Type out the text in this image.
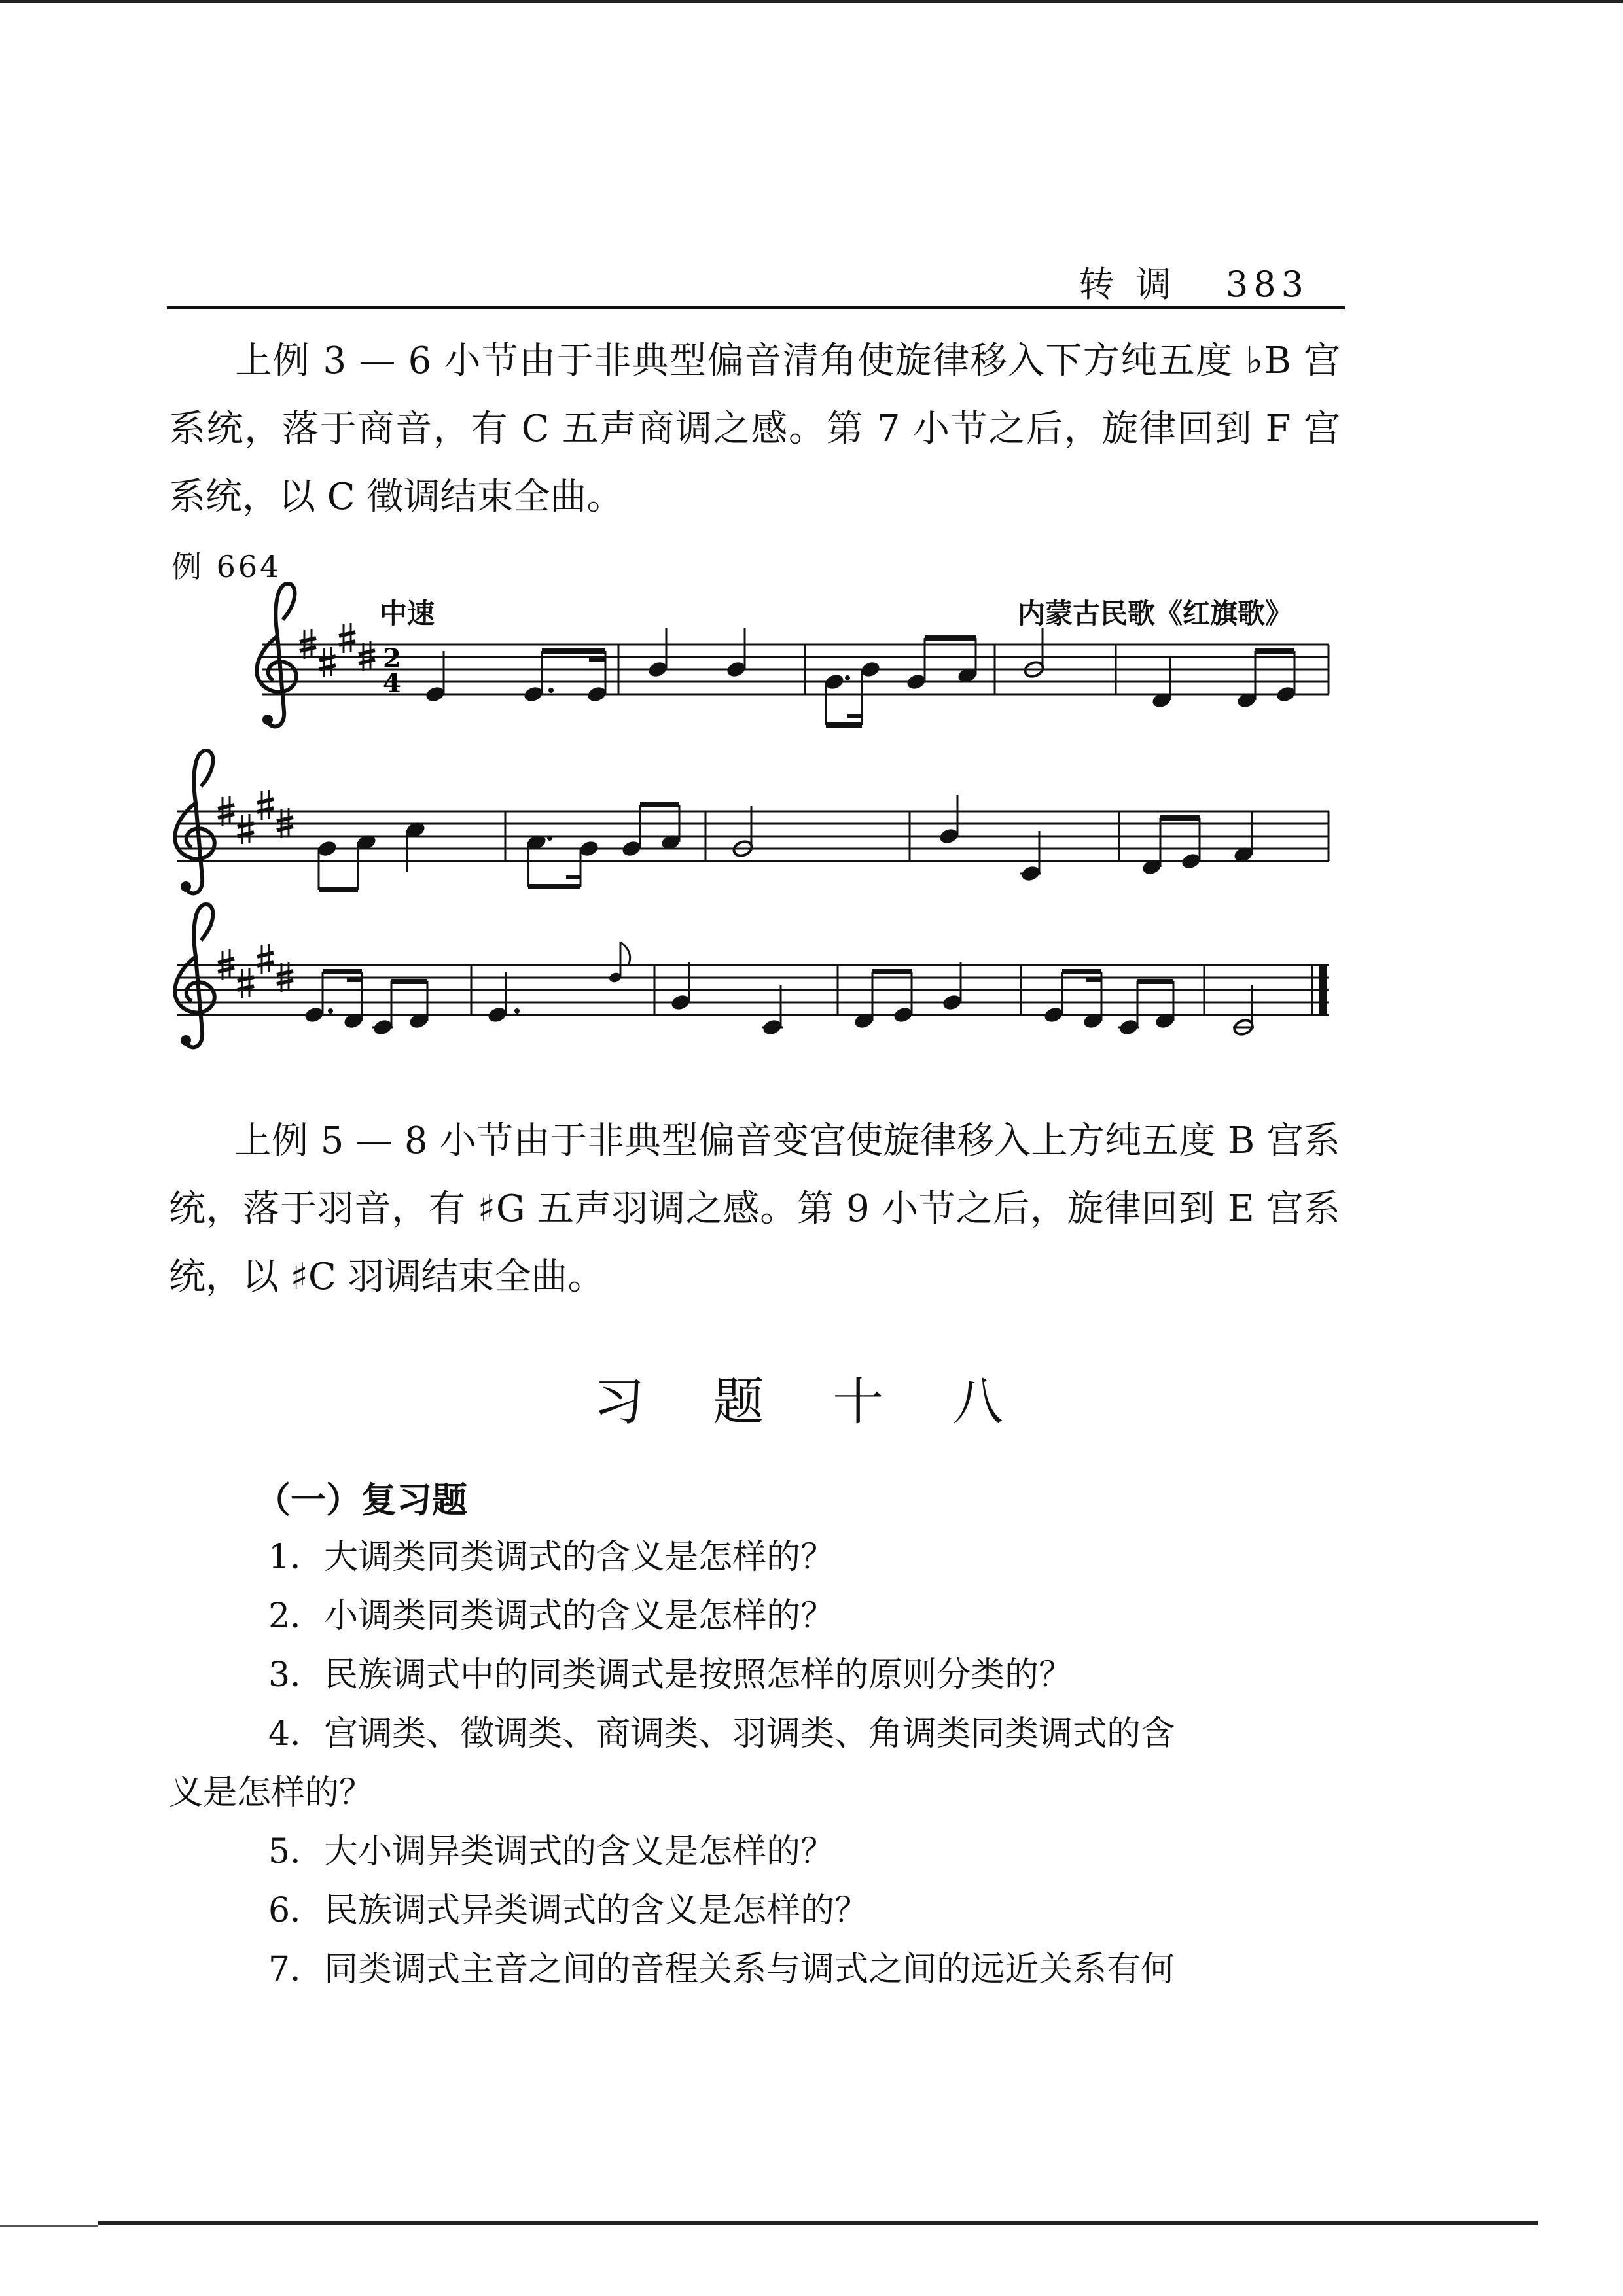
转 调 383

上例 3 — 6 小节由于非典型偏音清角使旋律移入下方纯五度 ♭B 宫系统，落于商音，有 C 五声商调之感。第 7 小节之后，旋律回到 F 宫系统，以 C 徵调结束全曲。

例 664
中速	内蒙古民歌《红旗歌》
2
4

上例 5 — 8 小节由于非典型偏音变宫使旋律移入上方纯五度 B 宫系统，落于羽音，有 ♯G 五声羽调之感。第 9 小节之后，旋律回到 E 宫系统，以 ♯C 羽调结束全曲。

习 题 十 八
（一）复习题
1．大调类同类调式的含义是怎样的？
2．小调类同类调式的含义是怎样的？
3．民族调式中的同类调式是按照怎样的原则分类的？
4．宫调类、徵调类、商调类、羽调类、角调类同类调式的含
义是怎样的？
5．大小调异类调式的含义是怎样的？
6．民族调式异类调式的含义是怎样的？
7．同类调式主音之间的音程关系与调式之间的远近关系有何
